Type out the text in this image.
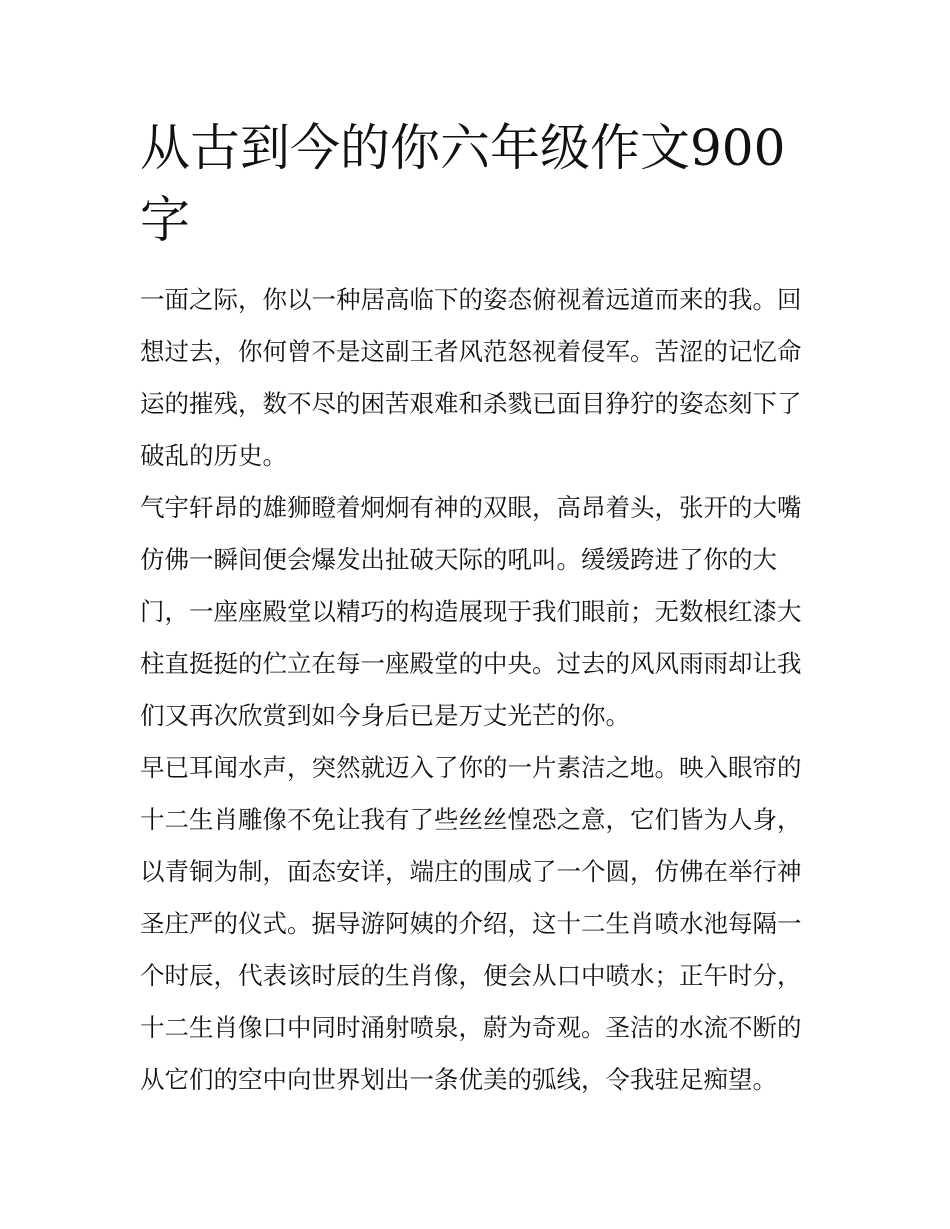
从古到今的你六年级作文900字

一面之际，你以一种居高临下的姿态俯视着远道而来的我。回想过去，你何曾不是这副王者风范怒视着侵军。苦涩的记忆命运的摧残，数不尽的困苦艰难和杀戮已面目狰狞的姿态刻下了破乱的历史。

气宇轩昂的雄狮瞪着炯炯有神的双眼，高昂着头，张开的大嘴仿佛一瞬间便会爆发出扯破天际的吼叫。缓缓跨进了你的大门，一座座殿堂以精巧的构造展现于我们眼前；无数根红漆大柱直挺挺的伫立在每一座殿堂的中央。过去的风风雨雨却让我们又再次欣赏到如今身后已是万丈光芒的你。

早已耳闻水声，突然就迈入了你的一片素洁之地。映入眼帘的十二生肖雕像不免让我有了些丝丝惶恐之意，它们皆为人身，以青铜为制，面态安详，端庄的围成了一个圆，仿佛在举行神圣庄严的仪式。据导游阿姨的介绍，这十二生肖喷水池每隔一个时辰，代表该时辰的生肖像，便会从口中喷水；正午时分，十二生肖像口中同时涌射喷泉，蔚为奇观。圣洁的水流不断的从它们的空中向世界划出一条优美的弧线，令我驻足痴望。
